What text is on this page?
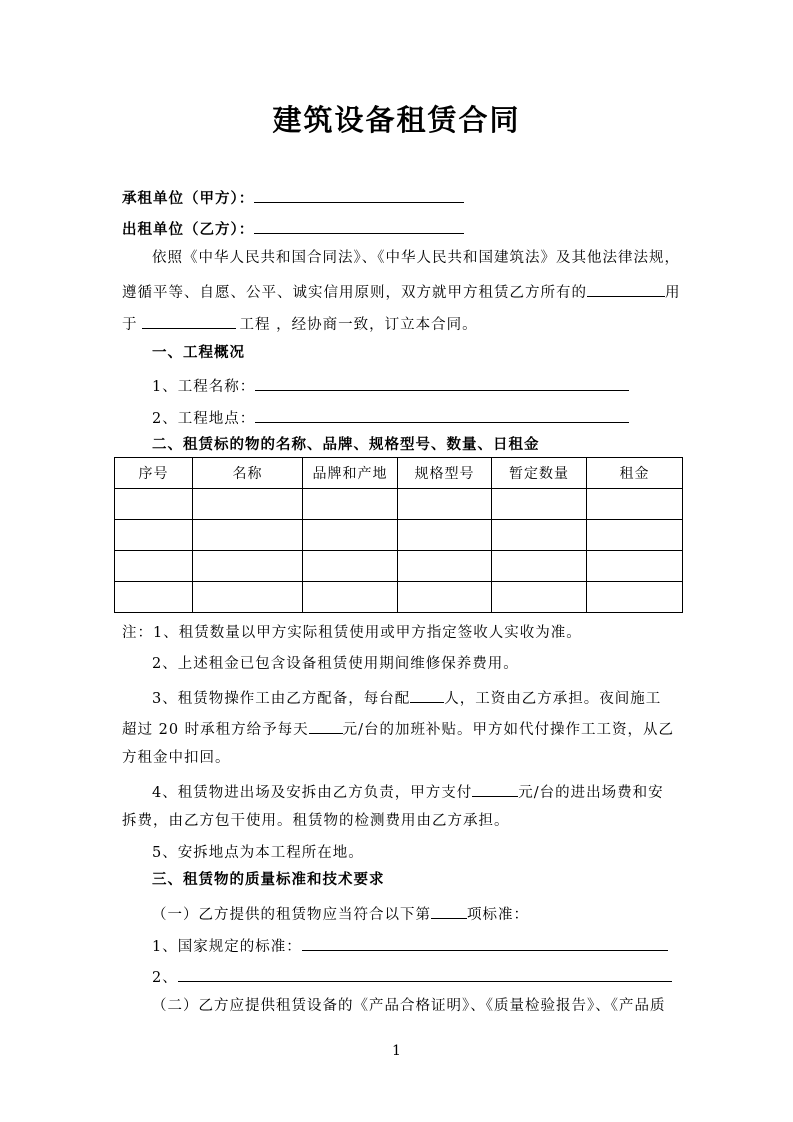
建筑设备租赁合同
承租单位（甲方）：
出租单位（乙方）：
依照《中华人民共和国合同法》、《中华人民共和国建筑法》及其他法律法规，
遵循平等、自愿、公平、诚实信用原则，双方就甲方租赁乙方所有的	用
于	工程 ，经协商一致，订立本合同。
一、工程概况
1、工程名称：
2、工程地点：
二、租赁标的物的名称、品牌、规格型号、数量、日租金
序号	名称	品牌和产地	规格型号	暂定数量	租金

注：1、租赁数量以甲方实际租赁使用或甲方指定签收人实收为准。
2、上述租金已包含设备租赁使用期间维修保养费用。
3、租赁物操作工由乙方配备，每台配 人，工资由乙方承担。夜间施工
超过 20 时承租方给予每天 元/台的加班补贴。甲方如代付操作工工资，从乙
方租金中扣回。
4、租赁物进出场及安拆由乙方负责，甲方支付	元/台的进出场费和安
拆费，由乙方包干使用。租赁物的检测费用由乙方承担。
5、安拆地点为本工程所在地。
三、租赁物的质量标准和技术要求
（一）乙方提供的租赁物应当符合以下第 项标准：
1、国家规定的标准：
2、
（二）乙方应提供租赁设备的《产品合格证明》、《质量检验报告》、《产品质
1
